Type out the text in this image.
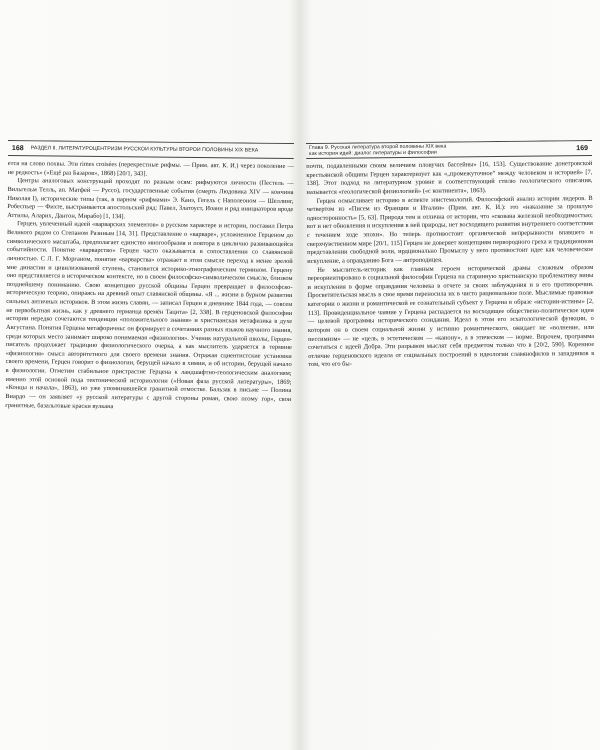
168	РАЗДЕЛ II. ЛИТЕРАТУРОЦЕНТРИЗМ РУССКОЙ КУЛЬТУРЫ ВТОРОЙ ПОЛОВИНЫ XIX ВЕКА

ется на слово похвы. Эти rimes croisées (перекрестные рифмы. — Прим. авт. К. И.) через поколение — не редкость» («Ещё раз Базаров», 1868) [20/1, 343].

Центры аналоговых конструкций проходят по разным осям: рифмуются личности (Пестель — Вильгельм Телль, ап. Матфей — Руссо), государственные события (смерть Людовика XIV — кончина Николая I), исторические типы (так, в парном «рифмами» Э. Канэ, Гегель с Наполеоном — Шеллинг, Робеспьер — Фихте, выстраивается апостольский ряд: Павел, Златоуст, Иоанн и ряд инициаторов вроде Аттилы, Аларих, Дантон, Мирабо) [1, 134].

Герцен, увлеченный идеей «варварских элементов» в русском характере и истории, поставил Петра Великого рядом со Степаном Разиным [14, 31]. Представление о «варваре», усложненное Герценом до символического масштаба, предполагает единство многообразия и повтора в циклично развивающейся событийности. Понятие «варварство» Герцен часто оказывается в сопоставлении со славянской личностью. С Л. Г. Морганом, понятие «варварства» отражает в этом смысле переход к менее зрелой мне династии и цивилизованной ступень, становится историко-этнографическим термином. Герцену оно представляется в историческом контексте, но в своем философско-символическом смысле, близком позднейшему пониманию. Свою концепцию русской общины Герцен превращает в философско-историческую теорию, опираясь на древний опыт славянской общины. «Я ... жизни в бурном развитии сильных античных историков. В этом жизнь славян, — записал Герцен в дневнике 1844 года, — совсем не первобытная жизнь, как у древнего германца времён Тацита» [2, 338]. В герценовской философии истории нередко сочетаются тенденции «положительного знания» и христианская метафизика в духе Августина. Понятия Герцена метафоричны: он формирует в сочетаниях разных языков научного знания, среди которых место занимает широко понимаемая «физиология». Ученик натуральной школы, Герцен-писатель продолжает традицию физиологического очерка, а как мыслитель ударяется в термине «физиология» смысл авторитетного для своего времени знания. Отражая сциентистские установки своего времени, Герцен говорит о физиологии, берущей начало в химии, и об истории, берущей начало в физиологии. Отметим стабильное пристрастие Герцена к ландшафтно-геологическим аналогиям; именно этой основой пода тектонической историологии («Новая фаза русской литературы», 1869; «Концы и начала», 1863), но уже упоминавшейся гранитной отмостке. Бальзак в письме — Полина Виардо — он заявляет «у русской литературы с другой стороны роман, свою поэму гор», свои гранитные, базальтовые краски вулкана

Глава 9. Русская литература второй половины XIX века
как история идей: диалог литературы и философии
169

почти, подавленными своим величием пловучих бассейны» [16, 153]. Существование донетровской крестьянской общины Герцен характеризует как «„промежуточное“ между человеком и историей» [7, 138]. Этот подход на литературном уровне и соответствующий стилю геологического описания, называется «геологической физиологией» («с континента», 1863).

Герцен осмысливает историю в аспекте эпистемологий. Философский анализ истории лидеров. В четвертом из «Писем из Франции и Италии» (Прим. авт. К. И.): это «наказание за прошлую односторонность» [5, 63]. Природа тем и отлична от истории, что «скованa железной необходимостью; вот и нет обновления и искупления в ней природы, нет восходящего развития внутреннего соответствия с течением ходе эпохи». Но теперь противостоит органической непрерывности впавшего в сверхчувственном мире [20/1, 115] Герцен не доверяет концепциям первородного греха и традиционном представлении свободной воли, ирдционально Промыслу у него противостоит идее как человеческое искупление, а оправданию Бога — антроподицея.

Не мыслитель-историк как главным героем исторической драмы сложным образом переориентировано в социальной философии Герцена на старинную христианскую проблематику вины и искупления в форме оправдания человека в отчете за своих заблуждения и в его противоречии. Просветительская мысль в свое время переносила их в чисто рациональное поле. Мыслимые правовые категории о жизни и романтической ее сознательный субъект у Герцена в образе «истории-истины» [2, 113]. Провиденциальное чаяние у Герцена распадается на восходящее обществено-политическое идеи — целевой программы исторического созидания. Идеал в этом его эсхатологической функции, о котором он в своем социальной жизни у истинно романтического, ожидает не «волнение, или пессимизм» — не «цель, в эстетическом — «канону», а в этическом — норме. Впрочем, программа сочетаться с идеей Добра. Эти разрывом мыслят себя предметом только что в [20/2, 590]. Коренное отличие герценовского идеала от социальных построений в идеологии славянофилов и западников в том, что его бы-
